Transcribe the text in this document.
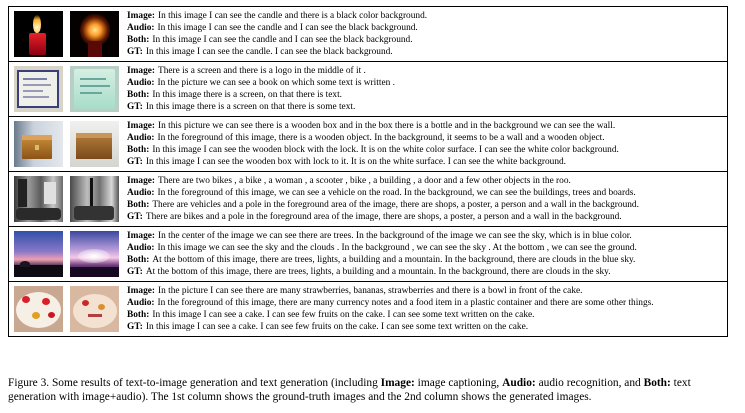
Image: In this image I can see the candle and there is a black color background.
Audio: In this image I can see the candle and I can see the black background.
Both: In this image I can see the candle and I can see the black background.
GT: In this image I can see the candle. I can see the black background.
Image: There is a screen and there is a logo in the middle of it .
Audio: In the picture we can see a book on which some text is written .
Both: In this image there is a screen, on that there is text.
GT: In this image there is a screen on that there is some text.
Image: In this picture we can see there is a wooden box and in the box there is a bottle and in the background we can see the wall.
Audio: In the foreground of this image, there is a wooden object. In the background, it seems to be a wall and a wooden object.
Both: In this image I can see the wooden block with the lock. It is on the white color surface. I can see the white color background.
GT: In this image I can see the wooden box with lock to it. It is on the white surface. I can see the white background.
Image: There are two bikes , a bike , a woman , a scooter , bike , a building , a door and a few other objects in the roo.
Audio: In the foreground of this image, we can see a vehicle on the road. In the background, we can see the buildings, trees and boards.
Both: There are vehicles and a pole in the foreground area of the image, there are shops, a poster, a person and a wall in the background.
GT: There are bikes and a pole in the foreground area of the image, there are shops, a poster, a person and a wall in the background.
Image: In the center of the image we can see there are trees. In the background of the image we can see the sky, which is in blue color.
Audio: In this image we can see the sky and the clouds . In the background , we can see the sky . At the bottom , we can see the ground.
Both: At the bottom of this image, there are trees, lights, a building and a mountain. In the background, there are clouds in the blue sky.
GT: At the bottom of this image, there are trees, lights, a building and a mountain. In the background, there are clouds in the sky.
Image: In the picture I can see there are many strawberries, bananas, strawberries and there is a bowl in front of the cake.
Audio: In the foreground of this image, there are many currency notes and a food item in a plastic container and there are some other things.
Both: In this image I can see a cake. I can see few fruits on the cake. I can see some text written on the cake.
GT: In this image I can see a cake. I can see few fruits on the cake. I can see some text written on the cake.
Figure 3. Some results of text-to-image generation and text generation (including Image: image captioning, Audio: audio recognition, and Both: text generation with image+audio). The 1st column shows the ground-truth images and the 2nd column shows the generated images.
